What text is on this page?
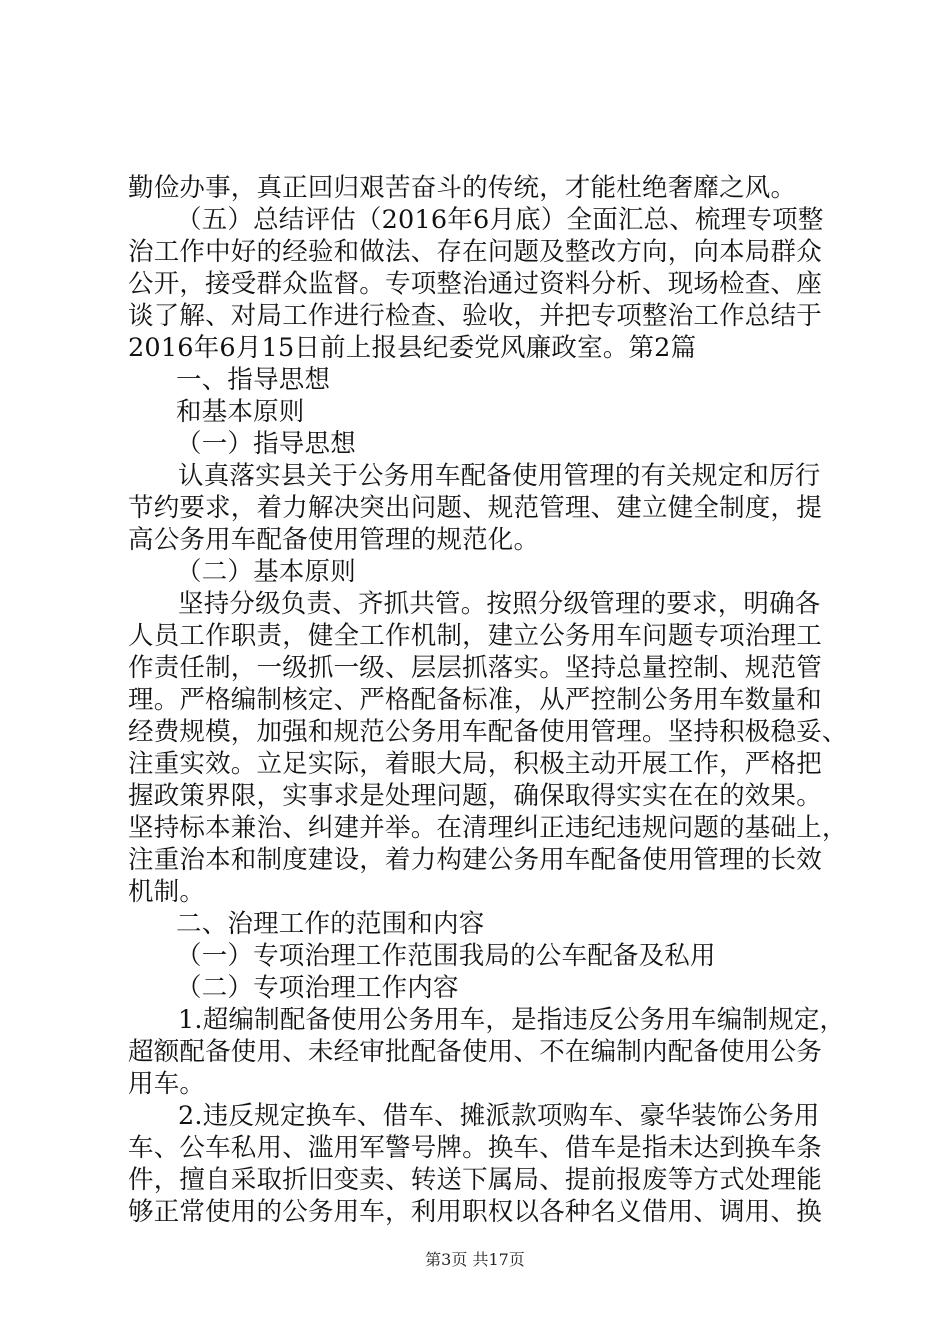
勤俭办事，真正回归艰苦奋斗的传统，才能杜绝奢靡之风。
（五）总结评估（2016年6月底）全面汇总、梳理专项整
治工作中好的经验和做法、存在问题及整改方向，向本局群众
公开，接受群众监督。专项整治通过资料分析、现场检查、座
谈了解、对局工作进行检查、验收，并把专项整治工作总结于
2016年6月15日前上报县纪委党风廉政室。第2篇
一、指导思想
和基本原则
（一）指导思想
认真落实县关于公务用车配备使用管理的有关规定和厉行
节约要求，着力解决突出问题、规范管理、建立健全制度，提
高公务用车配备使用管理的规范化。
（二）基本原则
坚持分级负责、齐抓共管。按照分级管理的要求，明确各
人员工作职责，健全工作机制，建立公务用车问题专项治理工
作责任制，一级抓一级、层层抓落实。坚持总量控制、规范管
理。严格编制核定、严格配备标准，从严控制公务用车数量和
经费规模，加强和规范公务用车配备使用管理。坚持积极稳妥、
注重实效。立足实际，着眼大局，积极主动开展工作，严格把
握政策界限，实事求是处理问题，确保取得实实在在的效果。
坚持标本兼治、纠建并举。在清理纠正违纪违规问题的基础上，
注重治本和制度建设，着力构建公务用车配备使用管理的长效
机制。
二、治理工作的范围和内容
（一）专项治理工作范围我局的公车配备及私用
（二）专项治理工作内容
1.超编制配备使用公务用车，是指违反公务用车编制规定，
超额配备使用、未经审批配备使用、不在编制内配备使用公务
用车。
2.违反规定换车、借车、摊派款项购车、豪华装饰公务用
车、公车私用、滥用军警号牌。换车、借车是指未达到换车条
件，擅自采取折旧变卖、转送下属局、提前报废等方式处理能
够正常使用的公务用车，利用职权以各种名义借用、调用、换
第3页 共17页
